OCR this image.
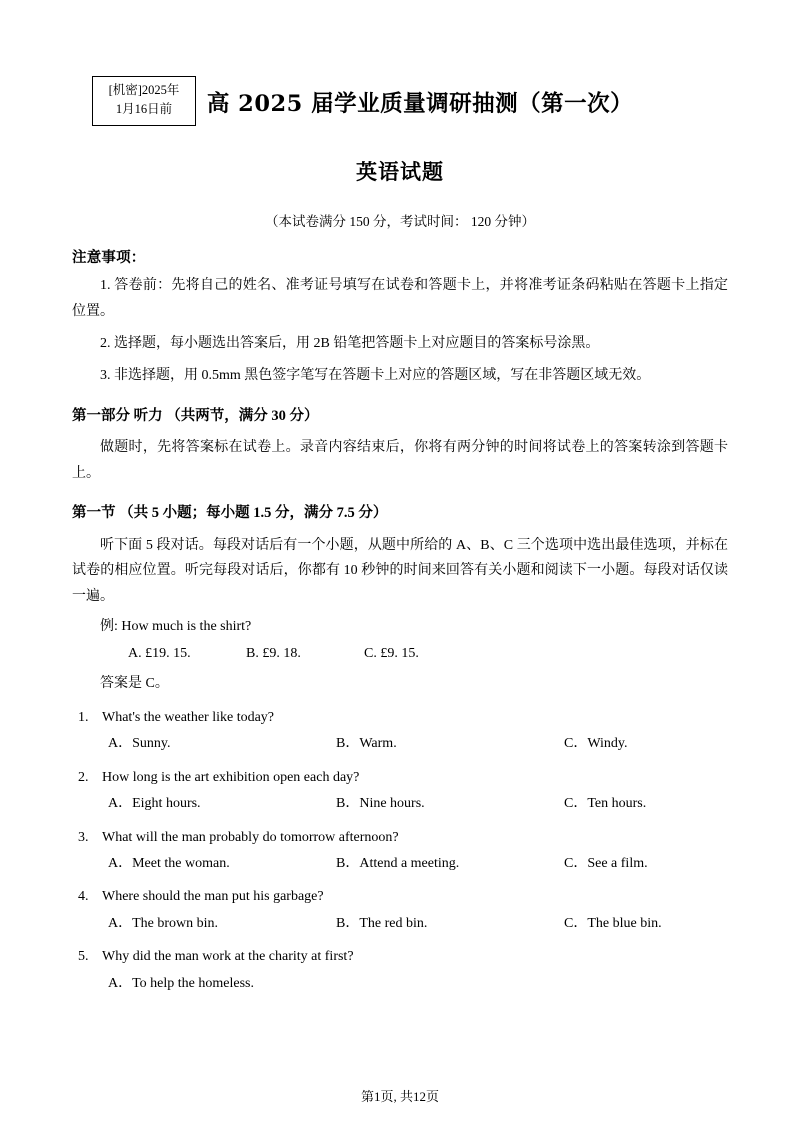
[机密]2025年
1月16日前	高 2025 届学业质量调研抽测（第一次）
英语试题
（本试卷满分 150 分，考试时间： 120 分钟）
注意事项：

1. 答卷前：先将自己的姓名、准考证号填写在试卷和答题卡上，并将准考证条码粘贴在答题卡上指定位置。

2. 选择题，每小题选出答案后，用 2B 铅笔把答题卡上对应题目的答案标号涂黑。

3. 非选择题，用 0.5mm 黑色签字笔写在答题卡上对应的答题区域，写在非答题区域无效。

第一部分 听力 （共两节，满分 30 分）

做题时，先将答案标在试卷上。录音内容结束后，你将有两分钟的时间将试卷上的答案转涂到答题卡上。

第一节 （共 5 小题；每小题 1.5 分，满分 7.5 分）

听下面 5 段对话。每段对话后有一个小题，从题中所给的 A、B、C 三个选项中选出最佳选项，并标在试卷的相应位置。听完每段对话后，你都有 10 秒钟的时间来回答有关小题和阅读下一小题。每段对话仅读一遍。

例: How much is the shirt?

A. £19. 15.	B. £9. 18.	C. £9. 15.

答案是 C。

1. What's the weather like today?
A．Sunny.	B．Warm.	C．Windy.
2. How long is the art exhibition open each day?
A．Eight hours.	B．Nine hours.	C．Ten hours.
3. What will the man probably do tomorrow afternoon?
A．Meet the woman.	B．Attend a meeting.	C．See a film.
4. Where should the man put his garbage?
A．The brown bin.	B．The red bin.	C．The blue bin.
5. Why did the man work at the charity at first?
A．To help the homeless.
第1页, 共12页
